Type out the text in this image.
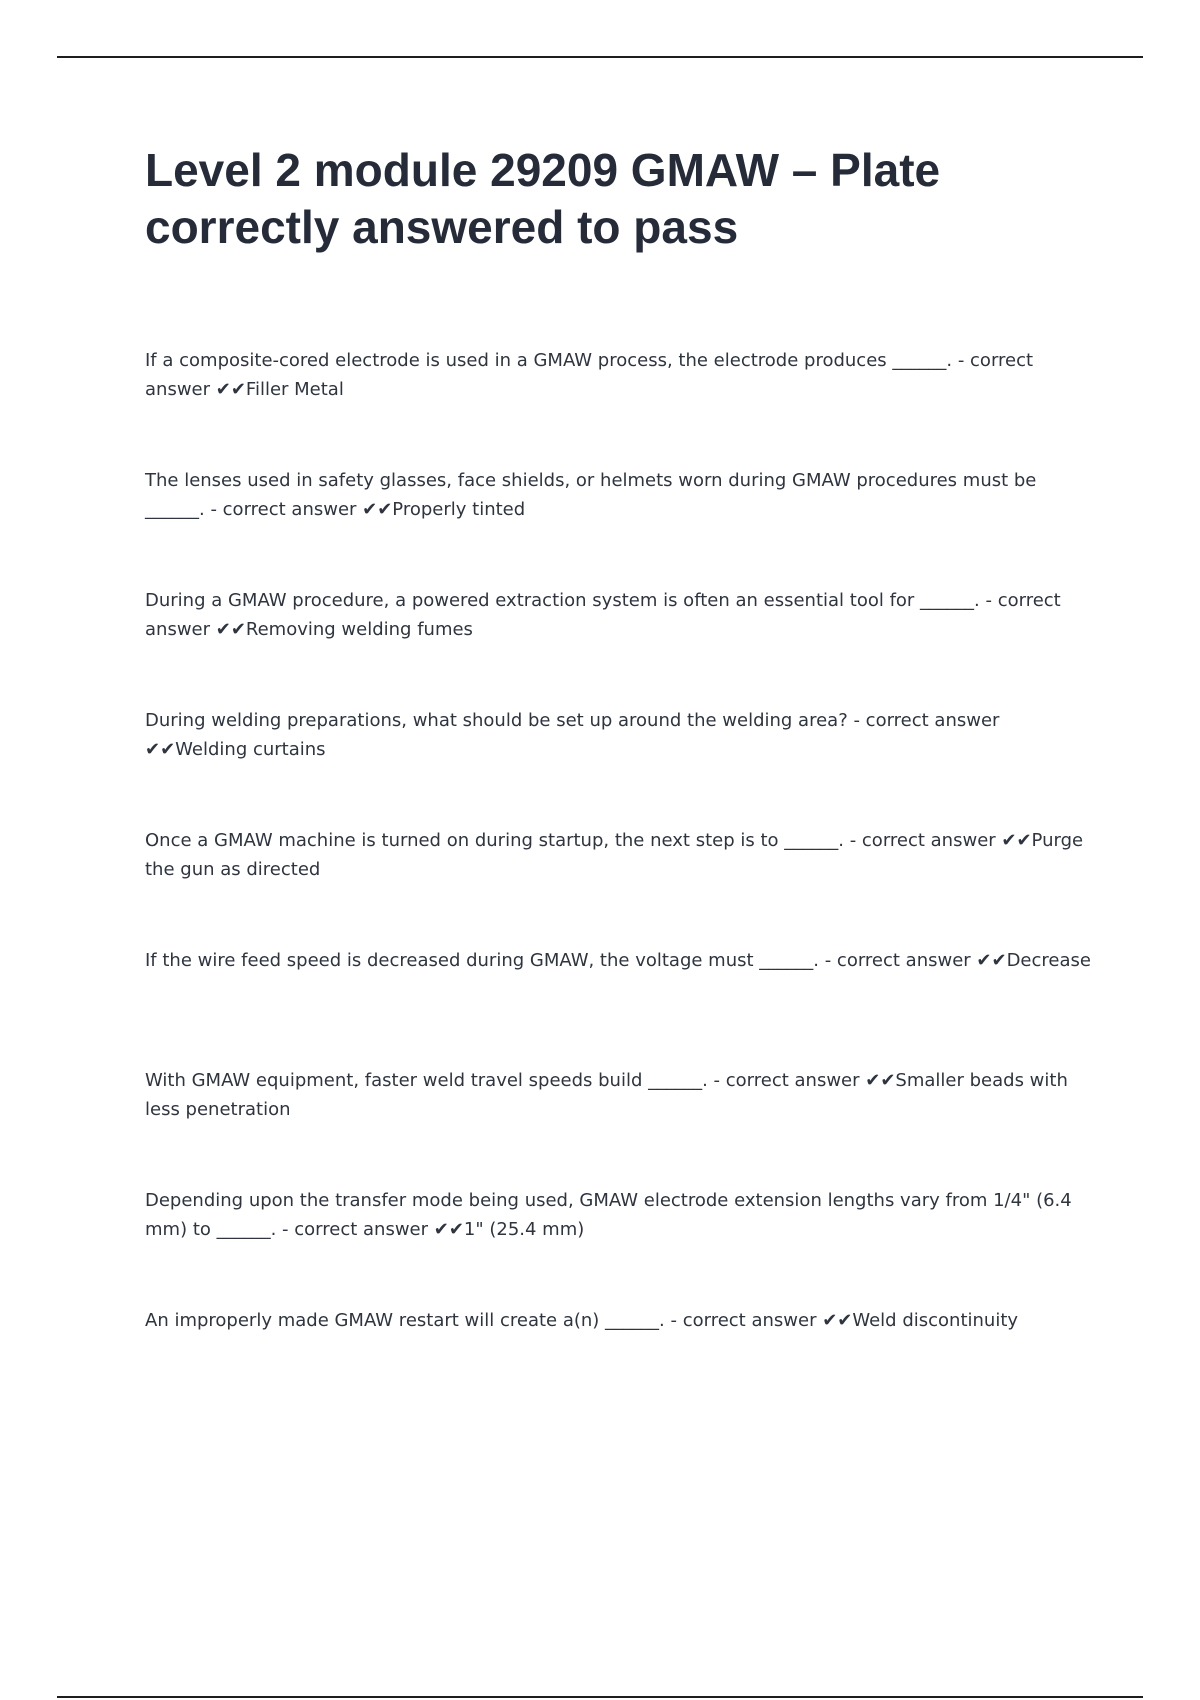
Level 2 module 29209 GMAW – Plate correctly answered to pass
If a composite-cored electrode is used in a GMAW process, the electrode produces ______. - correct answer ✔✔Filler Metal
The lenses used in safety glasses, face shields, or helmets worn during GMAW procedures must be ______. - correct answer ✔✔Properly tinted
During a GMAW procedure, a powered extraction system is often an essential tool for ______. - correct answer ✔✔Removing welding fumes
During welding preparations, what should be set up around the welding area? - correct answer ✔✔Welding curtains
Once a GMAW machine is turned on during startup, the next step is to ______. - correct answer ✔✔Purge the gun as directed
If the wire feed speed is decreased during GMAW, the voltage must ______. - correct answer ✔✔Decrease
With GMAW equipment, faster weld travel speeds build ______. - correct answer ✔✔Smaller beads with less penetration
Depending upon the transfer mode being used, GMAW electrode extension lengths vary from 1/4" (6.4 mm) to ______. - correct answer ✔✔1" (25.4 mm)
An improperly made GMAW restart will create a(n) ______. - correct answer ✔✔Weld discontinuity
